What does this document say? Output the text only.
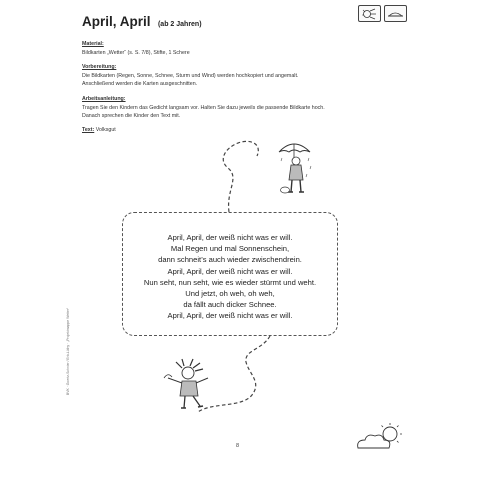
April, April (ab 2 Jahren)
Material:
Bildkarten „Wetter“ (s. S. 7/8), Stifte, 1 Schere
Vorbereitung:
Die Bildkarten (Regen, Sonne, Schnee, Sturm und Wind) werden hochkopiert und angemalt.
Anschließend werden die Karten ausgeschnitten.
Arbeitsanleitung:
Tragen Sie den Kindern das Gedicht langsam vor. Halten Sie dazu jeweils die passende Bildkarte hoch.
Danach sprechen die Kinder den Text mit.
Text: Volksgut
April, April, der weiß nicht was er will.
Mal Regen und mal Sonnenschein,
dann schneit’s auch wieder zwischendrein.
April, April, der weiß nicht was er will.
Nun seht, nun seht, wie es wieder stürmt und weht.
Und jetzt, oh weh, oh weh,
da fällt auch dicker Schnee.
April, April, der weiß nicht was er will.
BVK · Goertz-Schnier / Erb-Lüthy · „Projektmappe Wetter“
8
